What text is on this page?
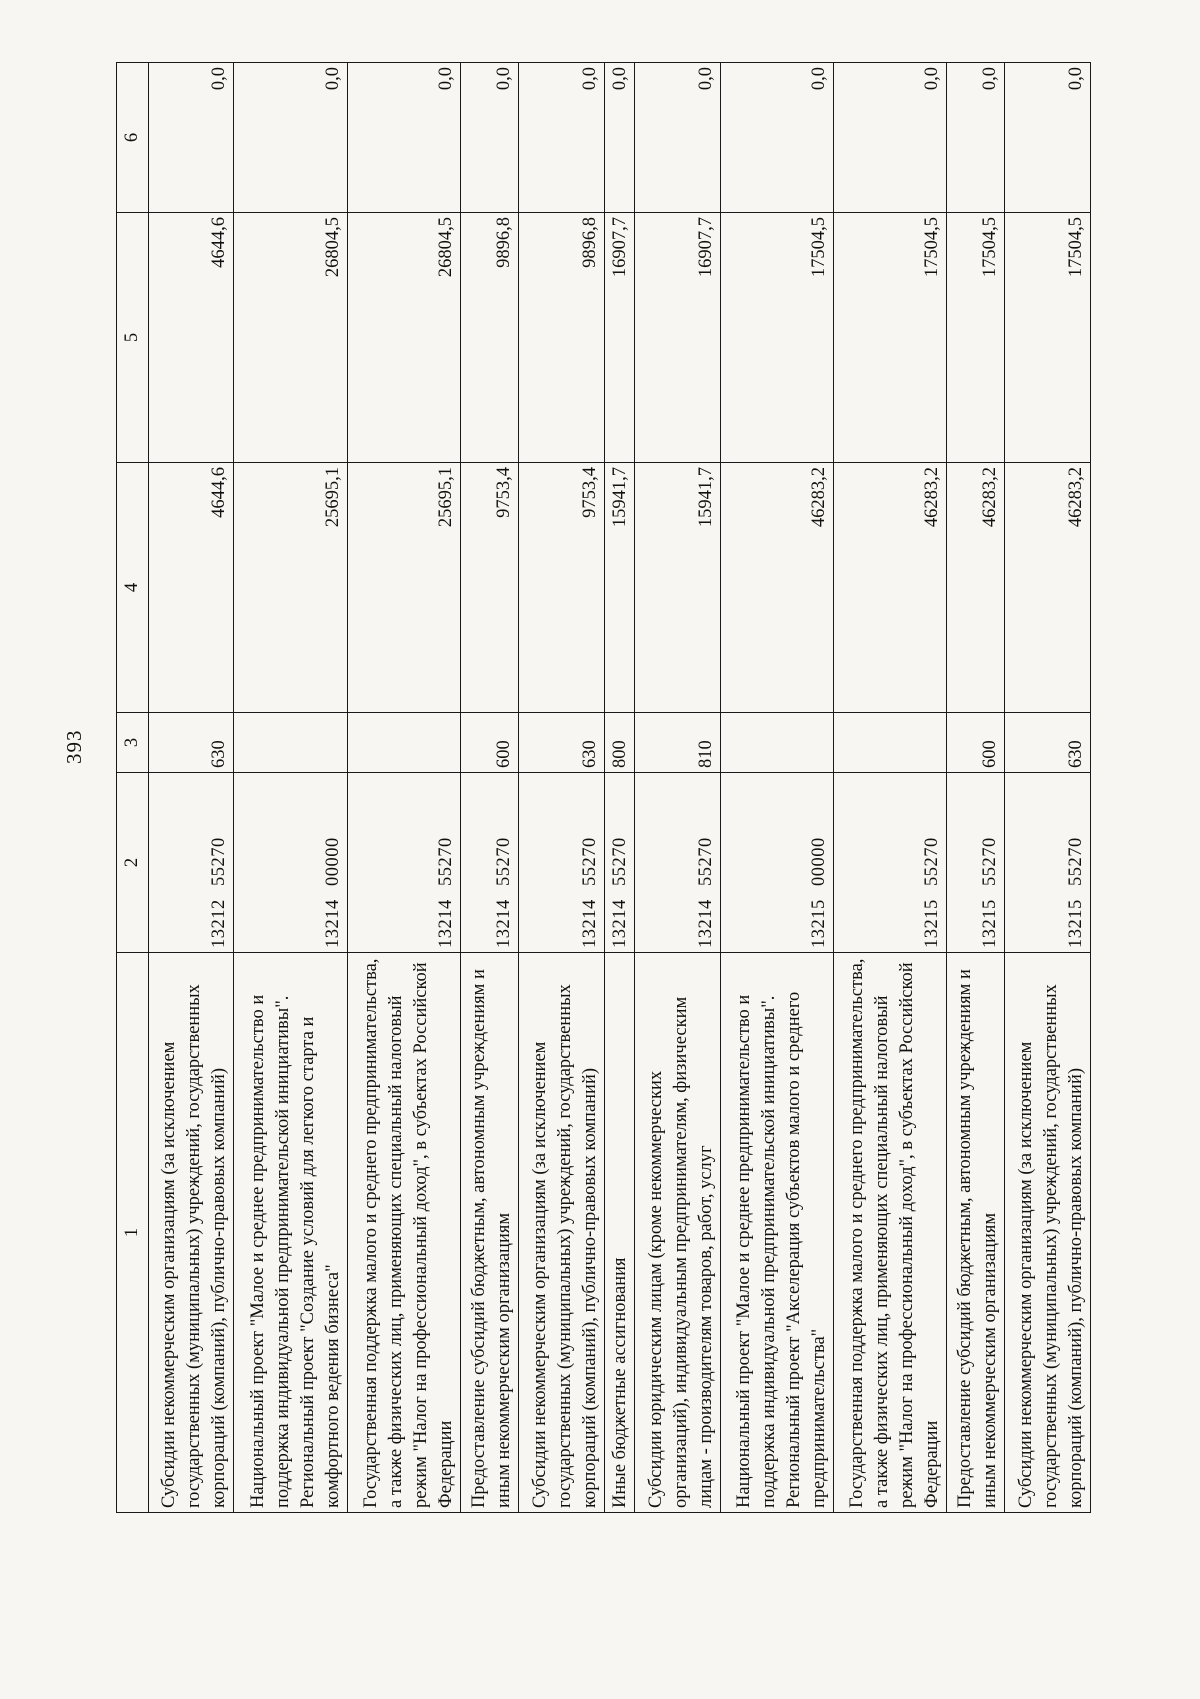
393
1	2	3	4	5	6
Субсидии некоммерческим организациям (за исключением государственных (муниципальных) учреждений, государственных корпораций (компаний), публично-правовых компаний)	1321255270	630	4644,6	4644,6	0,0
Национальный проект "Малое и среднее предпринимательство и поддержка индивидуальной предпринимательской инициативы". Региональный проект "Создание условий для легкого старта и комфортного ведения бизнеса"	1321400000		25695,1	26804,5	0,0
Государственная поддержка малого и среднего предпринимательства, а также физических лиц, применяющих специальный налоговый режим "Налог на профессиональный доход", в субъектах Российской Федерации	1321455270		25695,1	26804,5	0,0
Предоставление субсидий бюджетным, автономным учреждениям и иным некоммерческим организациям	1321455270	600	9753,4	9896,8	0,0
Субсидии некоммерческим организациям (за исключением государственных (муниципальных) учреждений, государственных корпораций (компаний), публично-правовых компаний)	1321455270	630	9753,4	9896,8	0,0
Иные бюджетные ассигнования	1321455270	800	15941,7	16907,7	0,0
Субсидии юридическим лицам (кроме некоммерческих организаций), индивидуальным предпринимателям, физическим лицам - производителям товаров, работ, услуг	1321455270	810	15941,7	16907,7	0,0
Национальный проект "Малое и среднее предпринимательство и поддержка индивидуальной предпринимательской инициативы". Региональный проект "Акселерация субъектов малого и среднего предпринимательства"	1321500000		46283,2	17504,5	0,0
Государственная поддержка малого и среднего предпринимательства, а также физических лиц, применяющих специальный налоговый режим "Налог на профессиональный доход", в субъектах Российской Федерации	1321555270		46283,2	17504,5	0,0
Предоставление субсидий бюджетным, автономным учреждениям и иным некоммерческим организациям	1321555270	600	46283,2	17504,5	0,0
Субсидии некоммерческим организациям (за исключением государственных (муниципальных) учреждений, государственных корпораций (компаний), публично-правовых компаний)	1321555270	630	46283,2	17504,5	0,0
